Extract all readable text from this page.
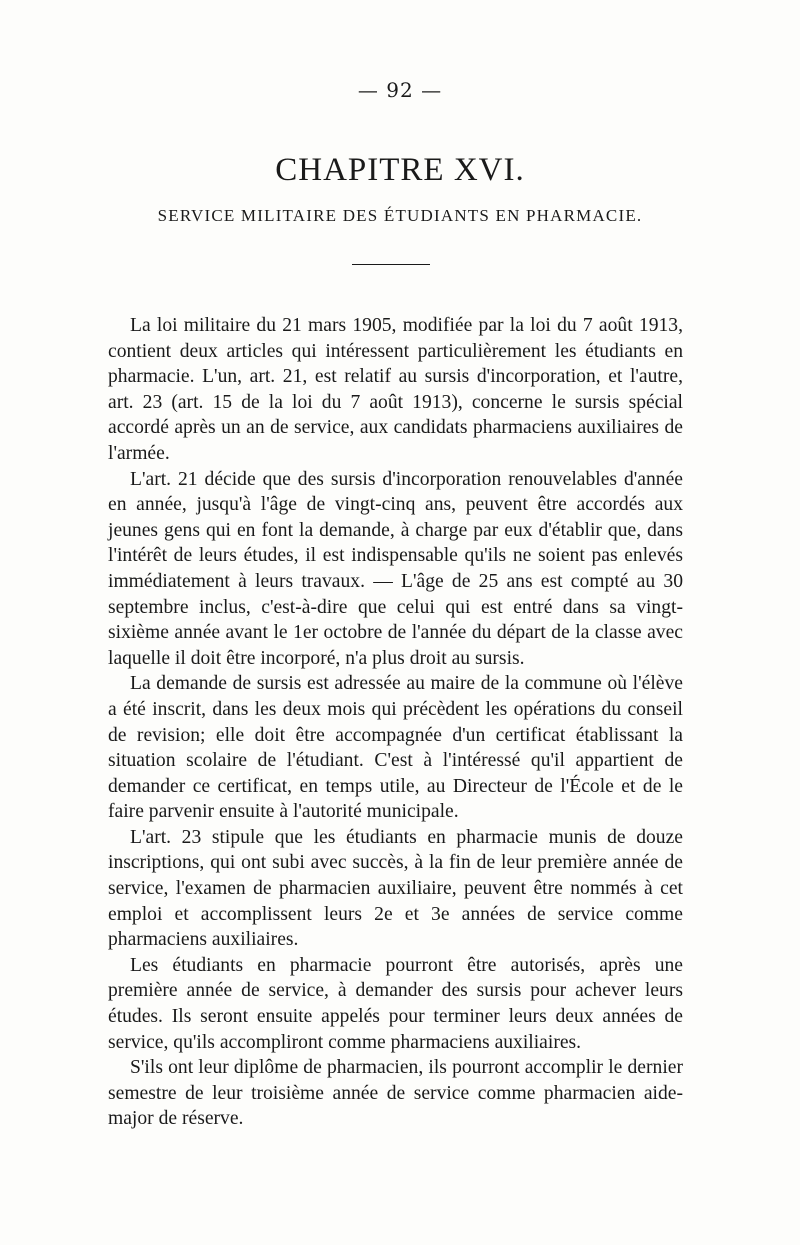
— 92 —
CHAPITRE XVI.
SERVICE MILITAIRE DES ÉTUDIANTS EN PHARMACIE.

La loi militaire du 21 mars 1905, modifiée par la loi du 7 août 1913, contient deux articles qui intéressent particulièrement les étudiants en pharmacie. L'un, art. 21, est relatif au sursis d'incorporation, et l'autre, art. 23 (art. 15 de la loi du 7 août 1913), concerne le sursis spécial accordé après un an de service, aux candidats pharmaciens auxiliaires de l'armée.

L'art. 21 décide que des sursis d'incorporation renouvelables d'année en année, jusqu'à l'âge de vingt-cinq ans, peuvent être accordés aux jeunes gens qui en font la demande, à charge par eux d'établir que, dans l'intérêt de leurs études, il est indispensable qu'ils ne soient pas enlevés immédiatement à leurs travaux. — L'âge de 25 ans est compté au 30 septembre inclus, c'est-à-dire que celui qui est entré dans sa vingt-sixième année avant le 1er octobre de l'année du départ de la classe avec laquelle il doit être incorporé, n'a plus droit au sursis.

La demande de sursis est adressée au maire de la commune où l'élève a été inscrit, dans les deux mois qui précèdent les opérations du conseil de revision; elle doit être accompagnée d'un certificat établissant la situation scolaire de l'étudiant. C'est à l'intéressé qu'il appartient de demander ce certificat, en temps utile, au Directeur de l'École et de le faire parvenir ensuite à l'autorité municipale.

L'art. 23 stipule que les étudiants en pharmacie munis de douze inscriptions, qui ont subi avec succès, à la fin de leur première année de service, l'examen de pharmacien auxiliaire, peuvent être nommés à cet emploi et accomplissent leurs 2e et 3e années de service comme pharmaciens auxiliaires.

Les étudiants en pharmacie pourront être autorisés, après une première année de service, à demander des sursis pour achever leurs études. Ils seront ensuite appelés pour terminer leurs deux années de service, qu'ils accompliront comme pharmaciens auxiliaires.

S'ils ont leur diplôme de pharmacien, ils pourront accomplir le dernier semestre de leur troisième année de service comme pharmacien aide-major de réserve.
